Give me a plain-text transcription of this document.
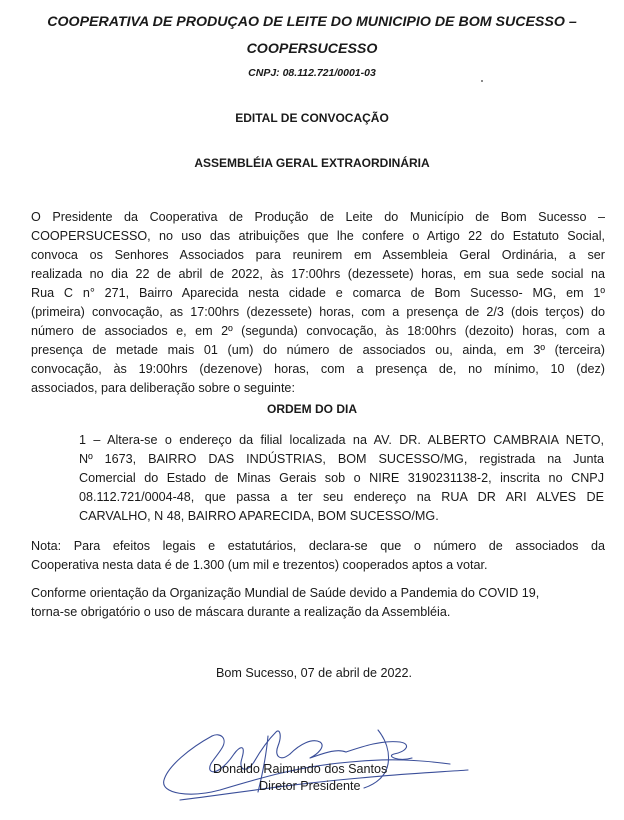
COOPERATIVA DE PRODUÇAO DE LEITE DO MUNICIPIO DE BOM SUCESSO –
COOPERSUCESSO
CNPJ: 08.112.721/0001-03
EDITAL DE CONVOCAÇÃO
ASSEMBLÉIA GERAL EXTRAORDINÁRIA
O Presidente da Cooperativa de Produção de Leite do Município de Bom Sucesso –
COOPERSUCESSO, no uso das atribuições que lhe confere o Artigo 22 do Estatuto Social,
convoca os Senhores Associados para reunirem em Assembleia Geral Ordinária, a ser
realizada no dia 22 de abril de 2022, às 17:00hrs (dezessete) horas, em sua sede social na
Rua C n° 271, Bairro Aparecida nesta cidade e comarca de Bom Sucesso- MG, em 1º
(primeira) convocação, as 17:00hrs (dezessete) horas, com a presença de 2/3 (dois terços) do
número de associados e, em 2º (segunda) convocação, às 18:00hrs (dezoito) horas, com a
presença de metade mais 01 (um) do número de associados ou, ainda, em 3º (terceira)
convocação, às 19:00hrs (dezenove) horas, com a presença de, no mínimo, 10 (dez)
associados, para deliberação sobre o seguinte:
ORDEM DO DIA
1 – Altera-se o endereço da filial localizada na AV. DR. ALBERTO CAMBRAIA NETO,
Nº 1673, BAIRRO DAS INDÚSTRIAS, BOM SUCESSO/MG, registrada na Junta
Comercial do Estado de Minas Gerais sob o NIRE 3190231138-2, inscrita no CNPJ
08.112.721/0004-48, que passa a ter seu endereço na RUA DR ARI ALVES DE
CARVALHO, N 48, BAIRRO APARECIDA, BOM SUCESSO/MG.
Nota: Para efeitos legais e estatutários, declara-se que o número de associados da
Cooperativa nesta data é de 1.300 (um mil e trezentos) cooperados aptos a votar.
Conforme orientação da Organização Mundial de Saúde devido a Pandemia do COVID 19,
torna-se obrigatório o uso de máscara durante a realização da Assembléia.
Bom Sucesso, 07 de abril de 2022.
Donaldo Raimundo dos Santos
Diretor Presidente
